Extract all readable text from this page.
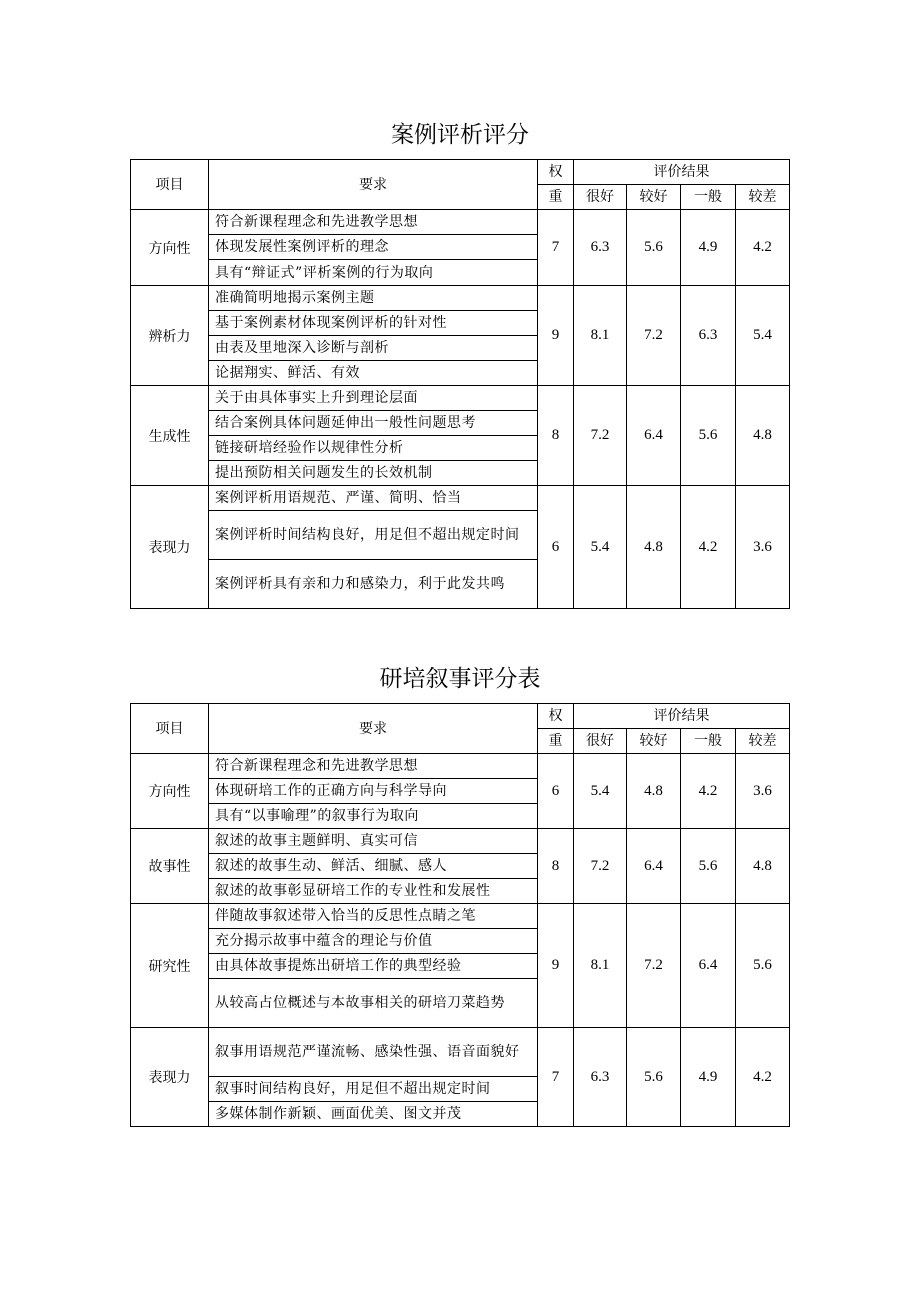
案例评析评分
项目	要求	权	评价结果			
		重	很好	较好	一般	较差
方向性	符合新课程理念和先进教学思想	7	6.3	5.6	4.9	4.2
	体现发展性案例评析的理念					
	具有“辩证式”评析案例的行为取向					
辨析力	准确简明地揭示案例主题	9	8.1	7.2	6.3	5.4
	基于案例素材体现案例评析的针对性					
	由表及里地深入诊断与剖析					
	论据翔实、鲜活、有效					
生成性	关于由具体事实上升到理论层面	8	7.2	6.4	5.6	4.8
	结合案例具体问题延伸出一般性问题思考					
	链接研培经验作以规律性分析					
	提出预防相关问题发生的长效机制					
表现力	案例评析用语规范、严谨、简明、恰当	6	5.4	4.8	4.2	3.6
	案例评析时间结构良好，用足但不超出规定时间					
	案例评析具有亲和力和感染力，利于此发共鸣					
研培叙事评分表
项目	要求	权	评价结果			
		重	很好	较好	一般	较差
方向性	符合新课程理念和先进教学思想	6	5.4	4.8	4.2	3.6
	体现研培工作的正确方向与科学导向					
	具有“以事喻理”的叙事行为取向					
故事性	叙述的故事主题鲜明、真实可信	8	7.2	6.4	5.6	4.8
	叙述的故事生动、鲜活、细腻、感人					
	叙述的故事彰显研培工作的专业性和发展性					
研究性	伴随故事叙述带入恰当的反思性点睛之笔	9	8.1	7.2	6.4	5.6
	充分揭示故事中蕴含的理论与价值					
	由具体故事提炼出研培工作的典型经验					
	从较高占位概述与本故事相关的研培刀菜趋势					
表现力	叙事用语规范严谨流畅、感染性强、语音面貌好	7	6.3	5.6	4.9	4.2
	叙事时间结构良好，用足但不超出规定时间					
	多媒体制作新颖、画面优美、图文并茂					
